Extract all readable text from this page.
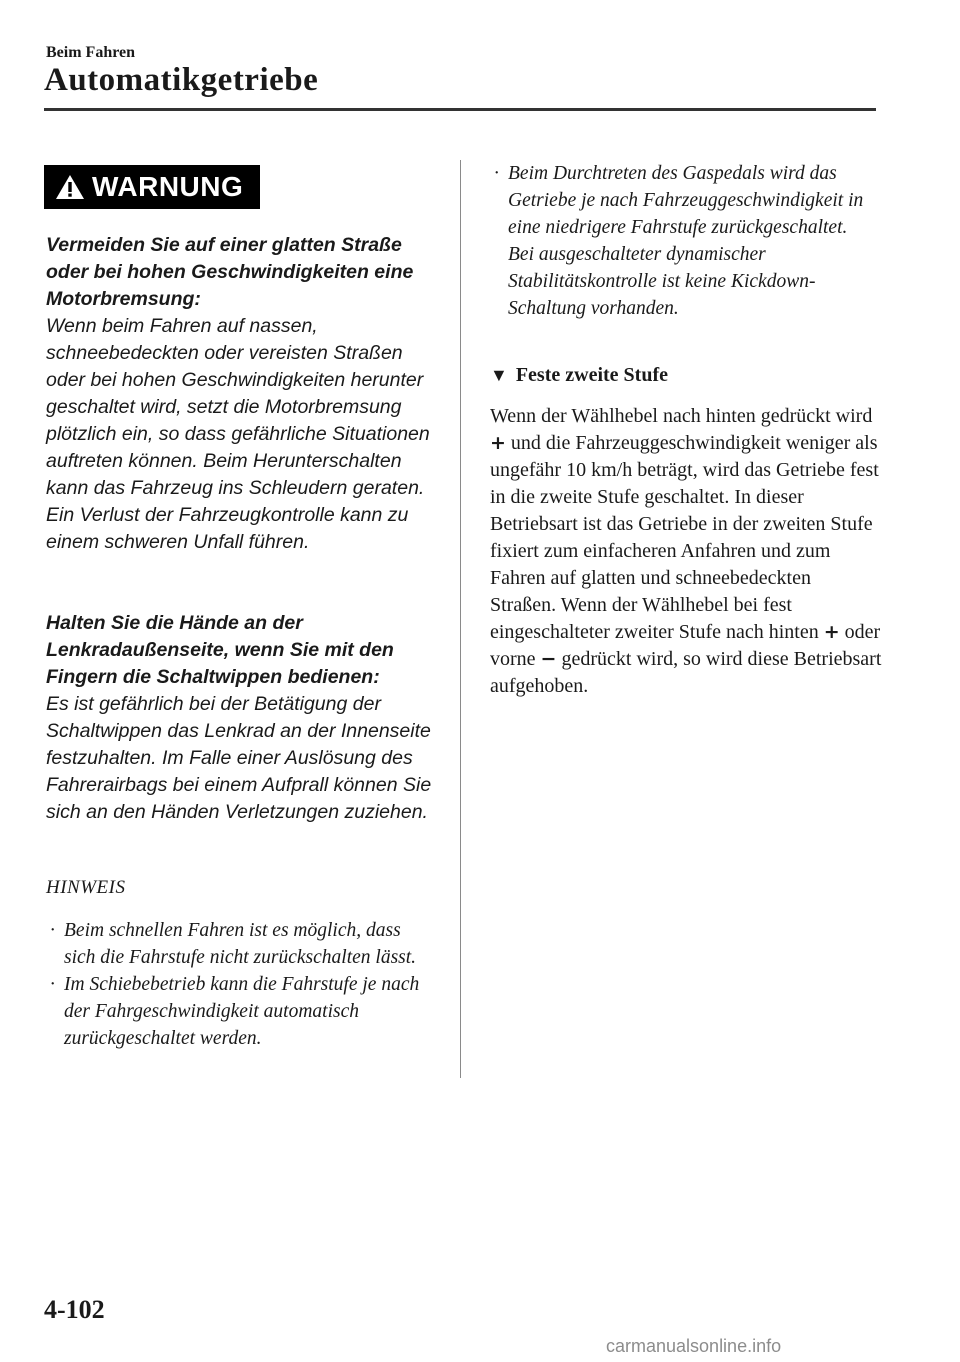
Beim Fahren
Automatikgetriebe
WARNUNG
Vermeiden Sie auf einer glatten Straße oder bei hohen Geschwindigkeiten eine Motorbremsung:
Wenn beim Fahren auf nassen, schneebedeckten oder vereisten Straßen oder bei hohen Geschwindigkeiten herunter geschaltet wird, setzt die Motorbremsung plötzlich ein, so dass gefährliche Situationen auftreten können. Beim Herunterschalten kann das Fahrzeug ins Schleudern geraten. Ein Verlust der Fahrzeugkontrolle kann zu einem schweren Unfall führen.
Halten Sie die Hände an der Lenkradaußenseite, wenn Sie mit den Fingern die Schaltwippen bedienen:
Es ist gefährlich bei der Betätigung der Schaltwippen das Lenkrad an der Innenseite festzuhalten. Im Falle einer Auslösung des Fahrerairbags bei einem Aufprall können Sie sich an den Händen Verletzungen zuziehen.
HINWEIS
· Beim schnellen Fahren ist es möglich, dass sich die Fahrstufe nicht zurückschalten lässt.
· Im Schiebebetrieb kann die Fahrstufe je nach der Fahrgeschwindigkeit automatisch zurückgeschaltet werden.
· Beim Durchtreten des Gaspedals wird das Getriebe je nach Fahrzeuggeschwindigkeit in eine niedrigere Fahrstufe zurückgeschaltet. Bei ausgeschalteter dynamischer Stabilitätskontrolle ist keine Kickdown-Schaltung vorhanden.
▼ Feste zweite Stufe
Wenn der Wählhebel nach hinten gedrückt wird + und die Fahrzeuggeschwindigkeit weniger als ungefähr 10 km/h beträgt, wird das Getriebe fest in die zweite Stufe geschaltet. In dieser Betriebsart ist das Getriebe in der zweiten Stufe fixiert zum einfacheren Anfahren und zum Fahren auf glatten und schneebedeckten Straßen. Wenn der Wählhebel bei fest eingeschalteter zweiter Stufe nach hinten + oder vorne − gedrückt wird, so wird diese Betriebsart aufgehoben.
4-102
carmanualsonline.info
